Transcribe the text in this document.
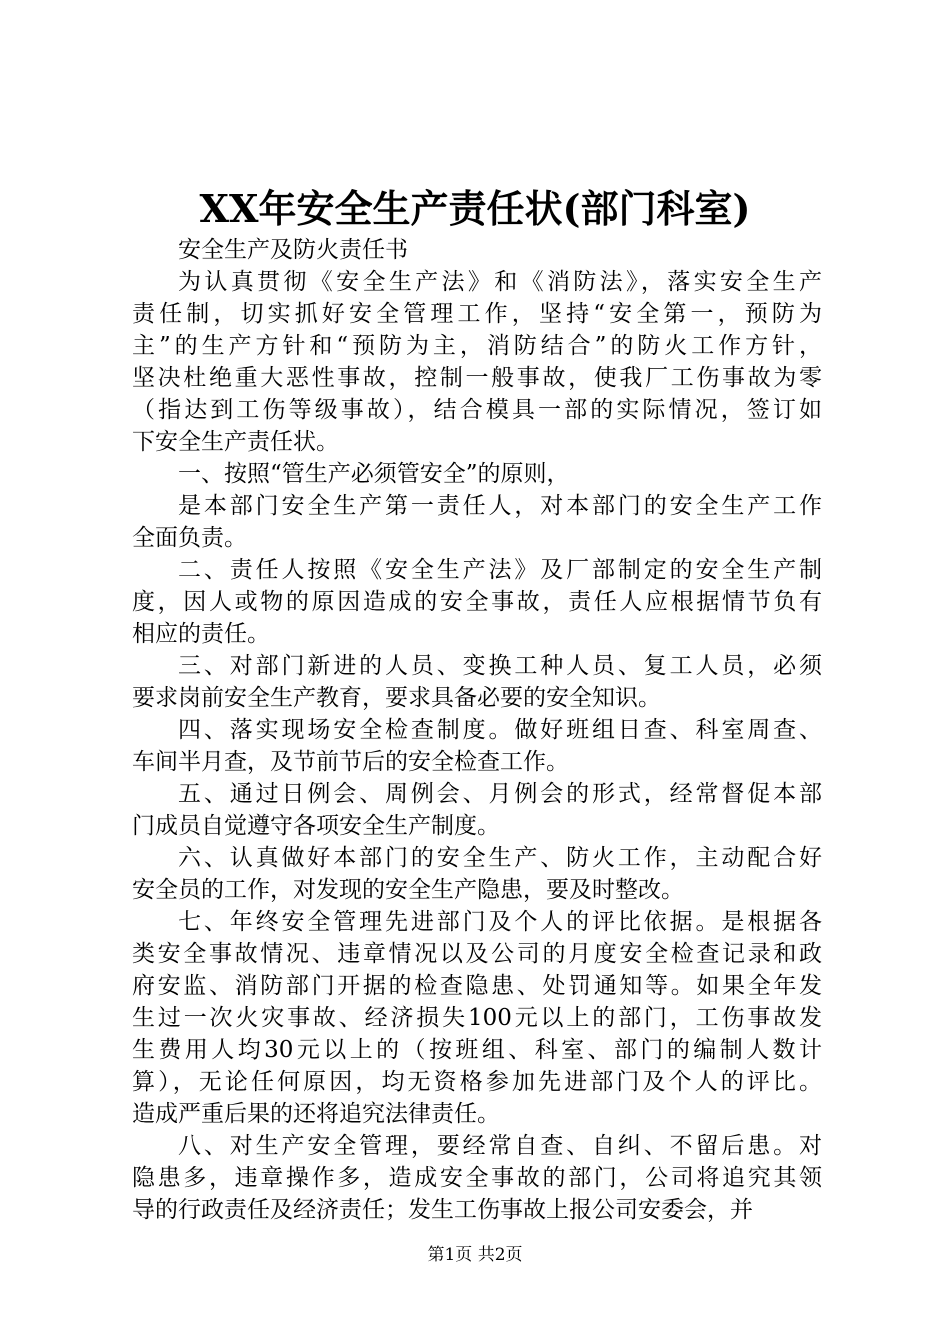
XX年安全生产责任状(部门科室)

安全生产及防火责任书

为认真贯彻《安全生产法》和《消防法》，落实安全生产
责任制，切实抓好安全管理工作，坚持“安全第一，预防为
主”的生产方针和“预防为主，消防结合”的防火工作方针，
坚决杜绝重大恶性事故，控制一般事故，使我厂工伤事故为零
（指达到工伤等级事故），结合模具一部的实际情况，签订如
下安全生产责任状。

一、按照“管生产必须管安全”的原则，

是本部门安全生产第一责任人，对本部门的安全生产工作
全面负责。

二、责任人按照《安全生产法》及厂部制定的安全生产制
度，因人或物的原因造成的安全事故，责任人应根据情节负有
相应的责任。

三、对部门新进的人员、变换工种人员、复工人员，必须
要求岗前安全生产教育，要求具备必要的安全知识。

四、落实现场安全检查制度。做好班组日查、科室周查、
车间半月查，及节前节后的安全检查工作。

五、通过日例会、周例会、月例会的形式，经常督促本部
门成员自觉遵守各项安全生产制度。

六、认真做好本部门的安全生产、防火工作，主动配合好
安全员的工作，对发现的安全生产隐患，要及时整改。

七、年终安全管理先进部门及个人的评比依据。是根据各
类安全事故情况、违章情况以及公司的月度安全检查记录和政
府安监、消防部门开据的检查隐患、处罚通知等。如果全年发
生过一次火灾事故、经济损失100元以上的部门，工伤事故发
生费用人均30元以上的（按班组、科室、部门的编制人数计
算），无论任何原因，均无资格参加先进部门及个人的评比。
造成严重后果的还将追究法律责任。

八、对生产安全管理，要经常自查、自纠、不留后患。对
隐患多，违章操作多，造成安全事故的部门，公司将追究其领
导的行政责任及经济责任；发生工伤事故上报公司安委会，并

第1页 共2页
